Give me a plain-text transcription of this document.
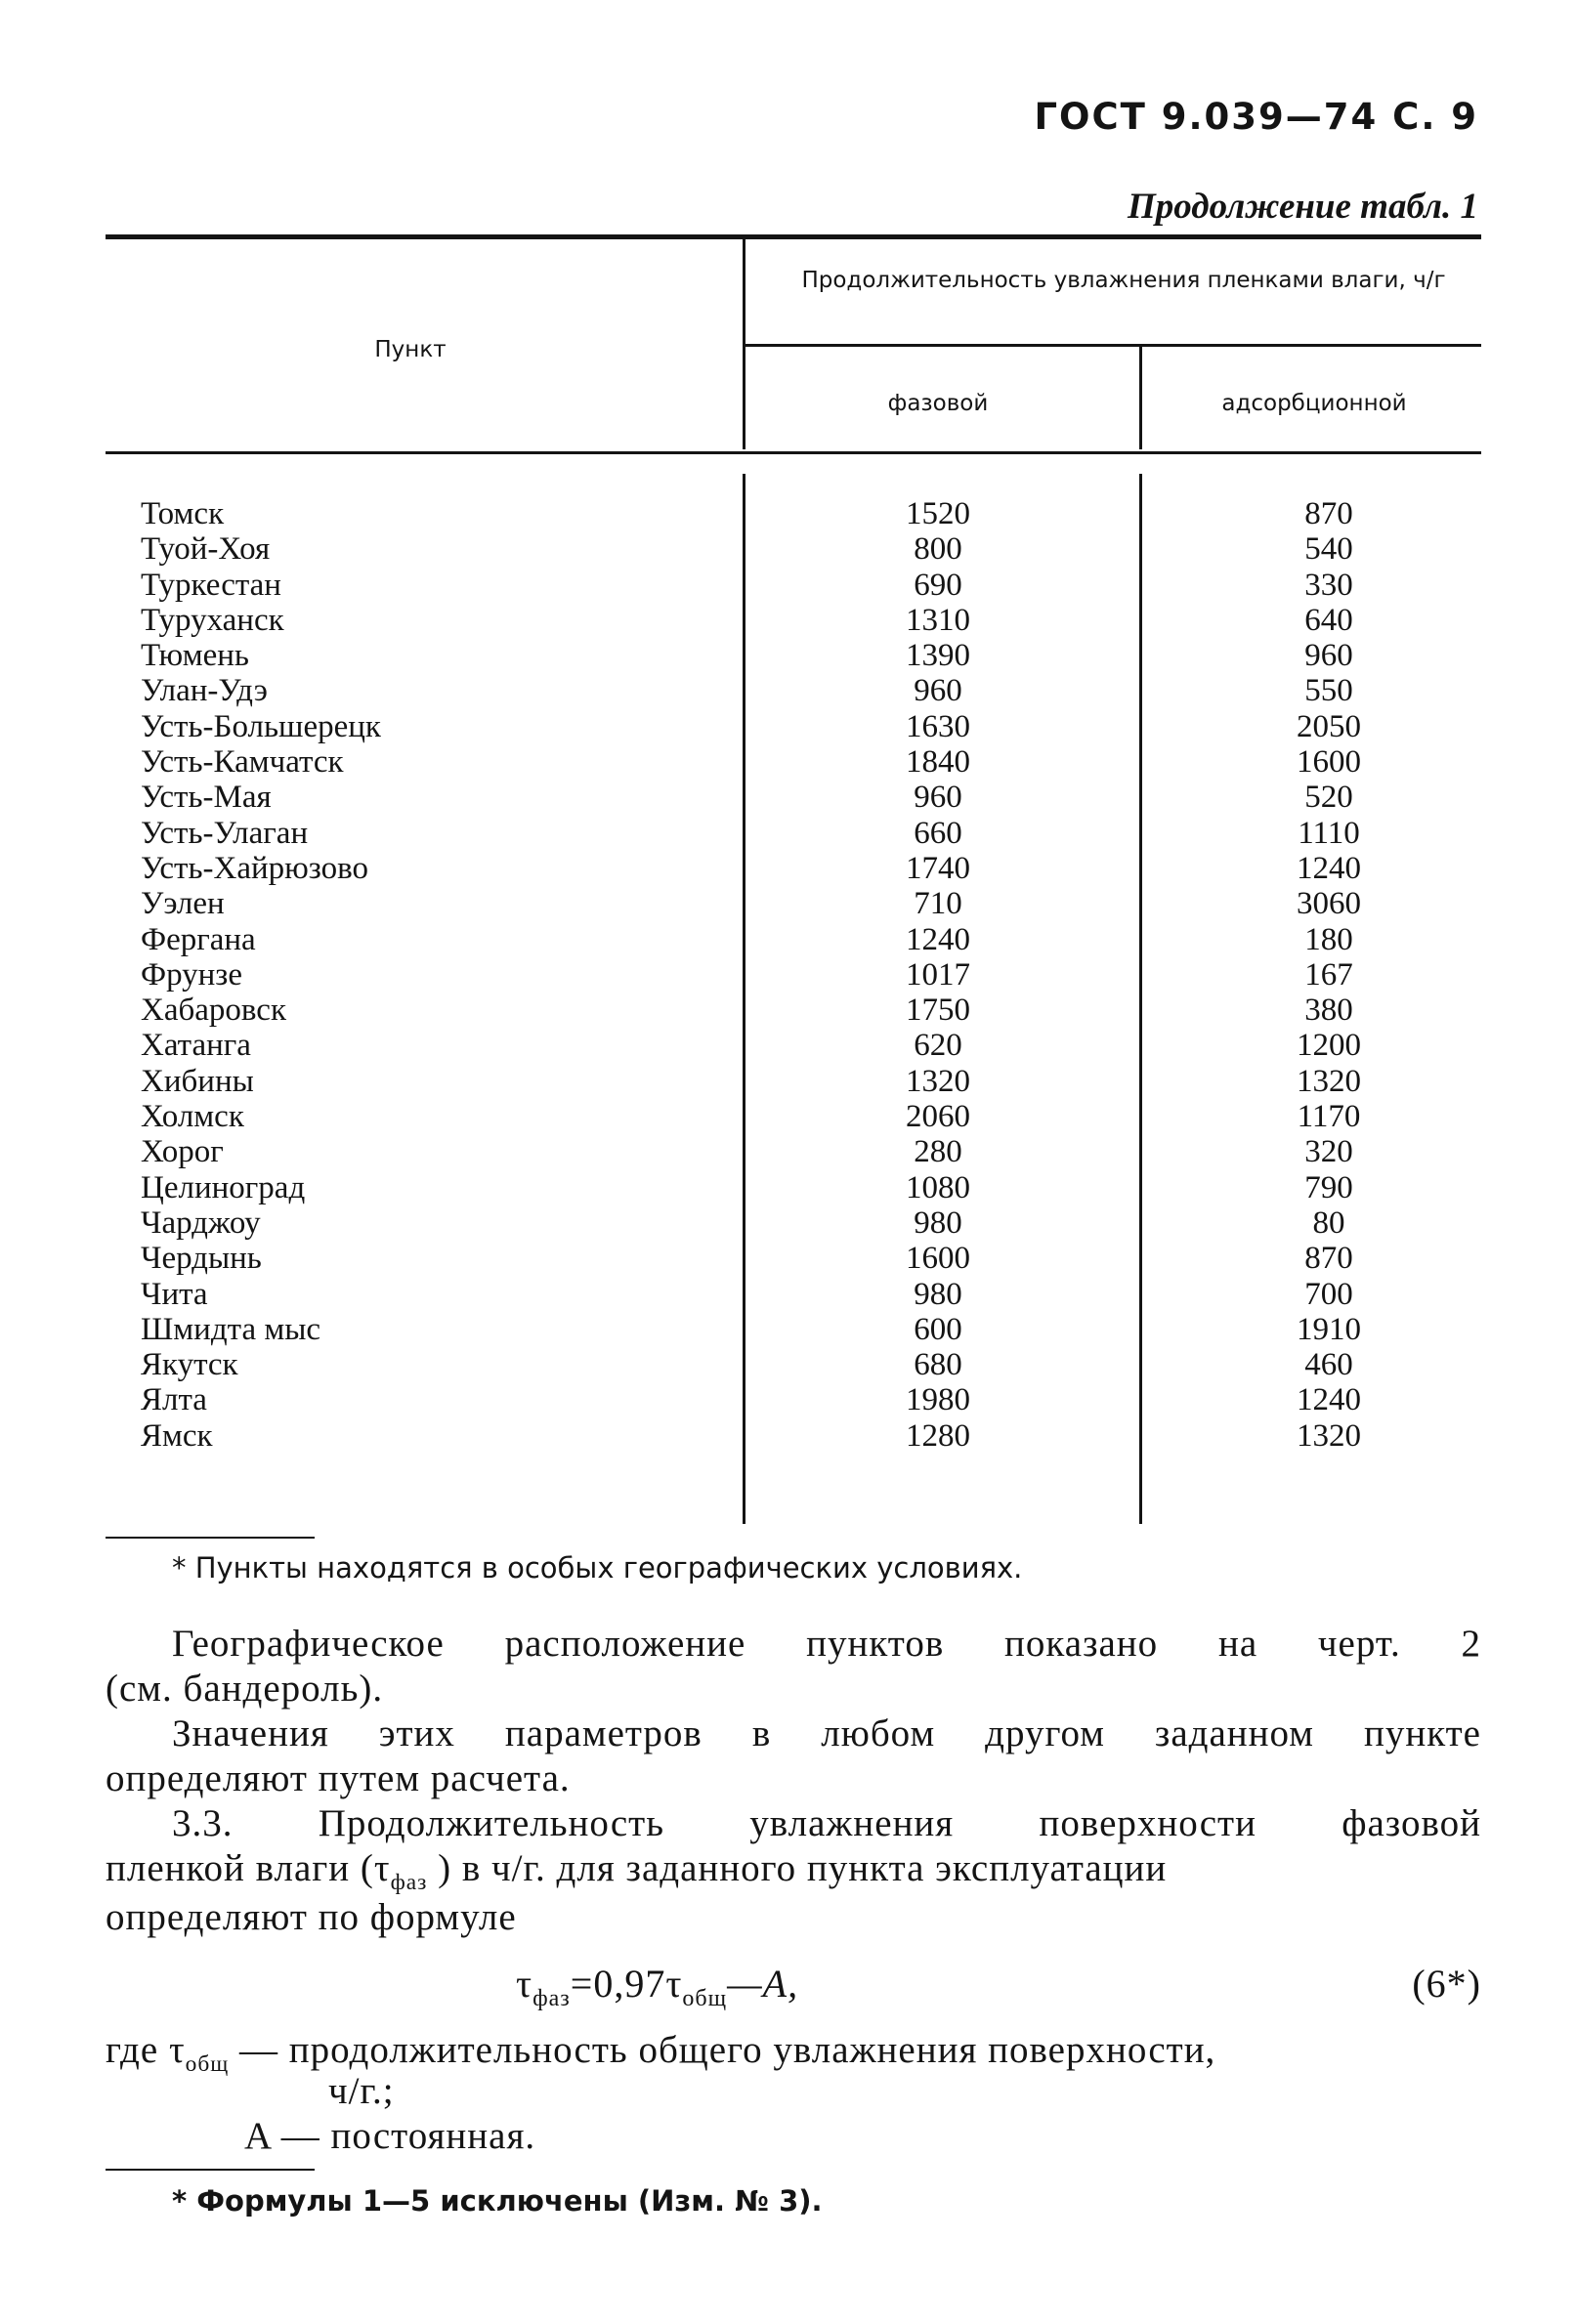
ГОСТ 9.039—74 С. 9
Продолжение табл. 1
Пункт
Продолжительность увлажнения пленками влаги, ч/г
фазовой	адсорбционной
Томск
Туой-Хоя
Туркестан
Туруханск
Тюмень
Улан-Удэ
Усть-Большерецк
Усть-Камчатск
Усть-Мая
Усть-Улаган
Усть-Хайрюзово
Уэлен
Фергана
Фрунзе
Хабаровск
Хатанга
Хибины
Холмск
Хорог
Целиноград
Чарджоу
Чердынь
Чита
Шмидта мыс
Якутск
Ялта
Ямск
1520
800
690
1310
1390
960
1630
1840
960
660
1740
710
1240
1017
1750
620
1320
2060
280
1080
980
1600
980
600
680
1980
1280
870
540
330
640
960
550
2050
1600
520
1110
1240
3060
180
167
380
1200
1320
1170
320
790
80
870
700
1910
460
1240
1320
* Пункты находятся в особых географических условиях.
Географическое расположение пунктов показано на черт. 2
(см. бандероль).
Значения этих параметров в любом другом заданном пункте
определяют путем расчета.
3.3. Продолжительность увлажнения поверхности фазовой
пленкой влаги ($\tau_{фаз}$ ) в ч/г. для заданного пункта эксплуатации
определяют по формуле
$\tau_{фаз}=0,97\tau_{общ}—A$,	(6*)
где $\tau_{общ}$ — продолжительность общего увлажнения поверхности,
ч/г.;
A — постоянная.
* Формулы 1—5 исключены (Изм. № 3).
